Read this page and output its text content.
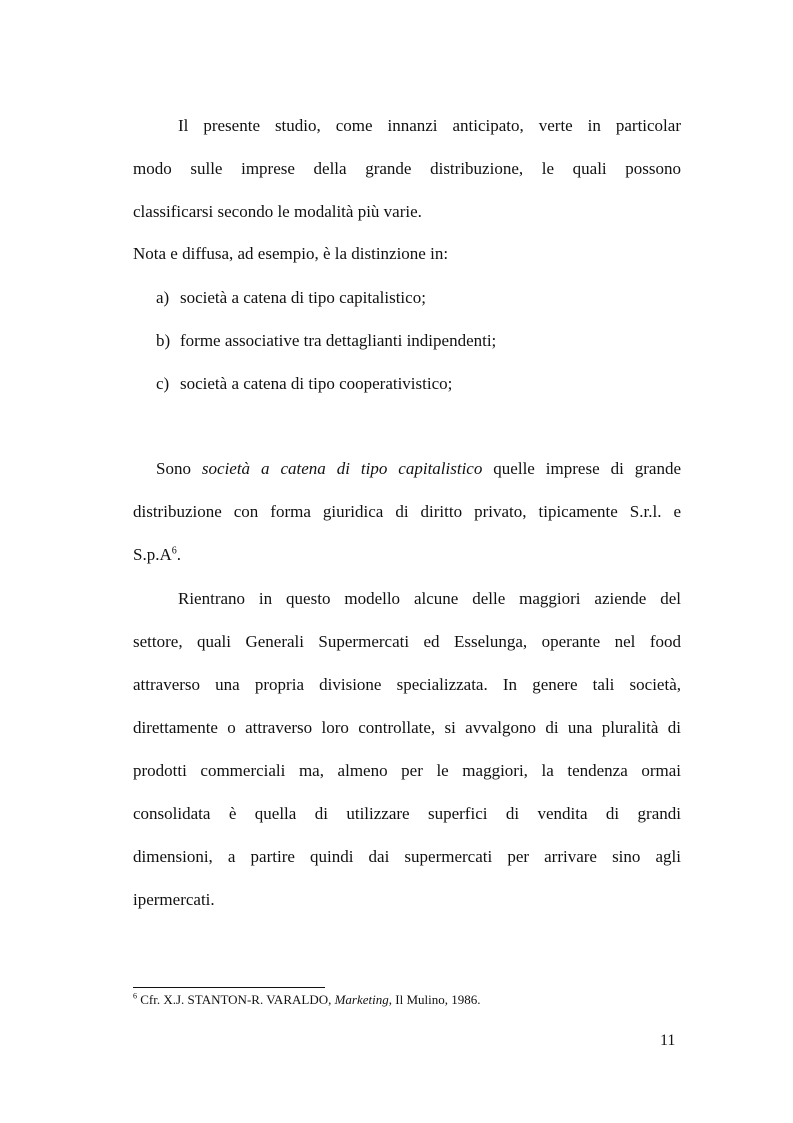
Il presente studio, come innanzi anticipato, verte in particolar
modo sulle imprese della grande distribuzione, le quali possono
classificarsi secondo le modalità più varie.
Nota e diffusa, ad esempio, è la distinzione in:
a) società a catena di tipo capitalistico;
b) forme associative tra dettaglianti indipendenti;
c) società a catena di tipo cooperativistico;
Sono società a catena di tipo capitalistico quelle imprese di grande
distribuzione con forma giuridica di diritto privato, tipicamente S.r.l. e
$S.p.A^6$.
Rientrano in questo modello alcune delle maggiori aziende del
settore, quali Generali Supermercati ed Esselunga, operante nel food
attraverso una propria divisione specializzata. In genere tali società,
direttamente o attraverso loro controllate, si avvalgono di una pluralità di
prodotti commerciali ma, almeno per le maggiori, la tendenza ormai
consolidata è quella di utilizzare superfici di vendita di grandi
dimensioni, a partire quindi dai supermercati per arrivare sino agli
ipermercati.
$^6$ Cfr. X.J. STANTON-R. VARALDO, Marketing, Il Mulino, 1986.
11
